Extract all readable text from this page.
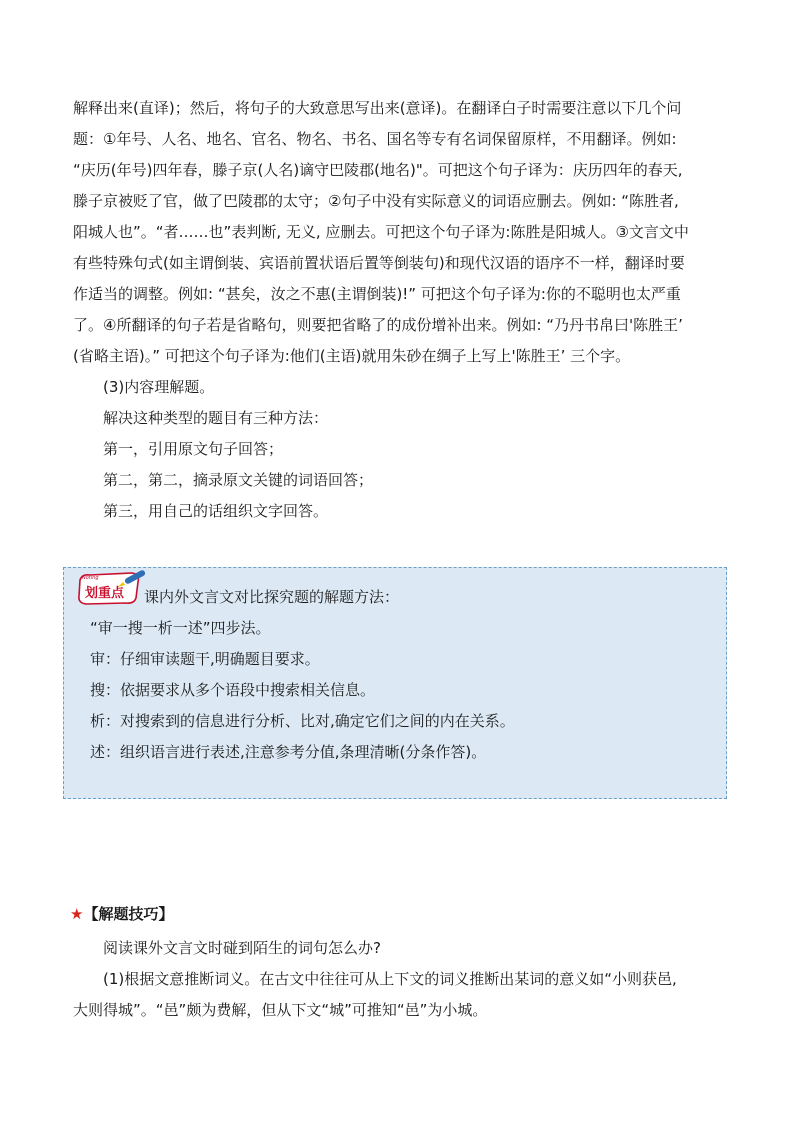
解释出来(直译)；然后，将句子的大致意思写出来(意译)。在翻译白子时需要注意以下几个问

题：①年号、人名、地名、官名、物名、书名、国名等专有名词保留原样，不用翻译。例如:

“庆历(年号)四年春，滕子京(人名)谪守巴陵郡(地名)"。可把这个句子译为：庆历四年的春天,

滕子京被贬了官，做了巴陵郡的太守；②句子中没有实际意义的词语应删去。例如: “陈胜者,

阳城人也”。“者……也”表判断, 无义, 应删去。可把这个句子译为:陈胜是阳城人。③文言文中

有些特殊句式(如主谓倒装、宾语前置状语后置等倒装句)和现代汉语的语序不一样，翻译时要

作适当的调整。例如: “甚矣，汝之不惠(主谓倒装)!” 可把这个句子译为:你的不聪明也太严重

了。④所翻译的句子若是省略句，则要把省略了的成份增补出来。例如: “乃丹书帛曰'陈胜王’

(省略主语)。” 可把这个句子译为:他们(主语)就用朱砂在绸子上写上'陈胜王’ 三个字。

(3)内容理解题。

解决这种类型的题目有三种方法：

第一，引用原文句子回答；

第二，第二，摘录原文关键的词语回答；

第三，用自己的话组织文字回答。

Noting
划重点 课内外文言文对比探究题的解题方法：

“审一搜一析一述”四步法。

审：仔细审读题干,明确题目要求。

搜：依据要求从多个语段中搜索相关信息。

析：对搜索到的信息进行分析、比对,确定它们之间的内在关系。

述：组织语言进行表述,注意参考分值,条理清晰(分条作答)。

★【解题技巧】

阅读课外文言文时碰到陌生的词句怎么办?

(1)根据文意推断词义。在古文中往往可从上下文的词义推断出某词的意义如“小则获邑,

大则得城”。“邑”颇为费解，但从下文“城”可推知“邑”为小城。
